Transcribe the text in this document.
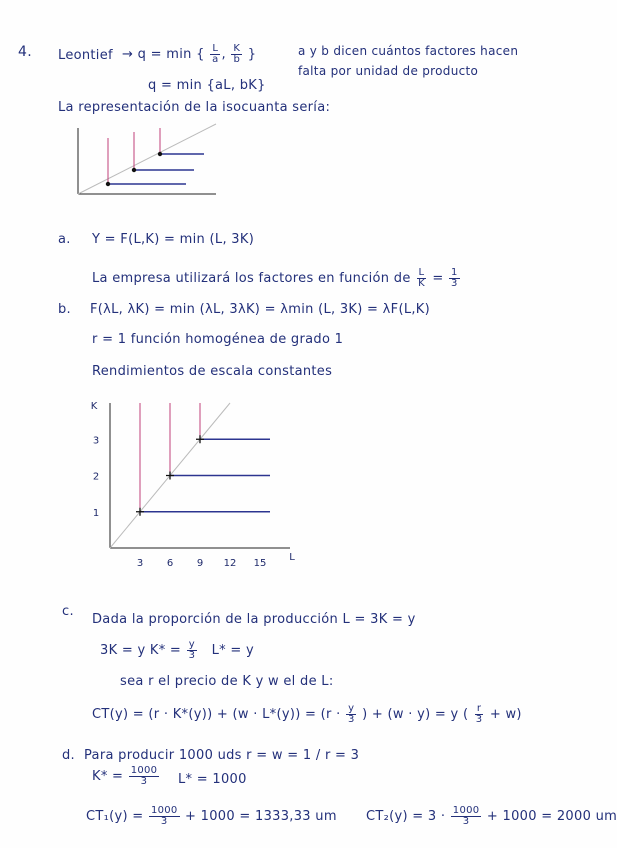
4. Leontief → q = min { $\frac{L}{a}$ , $\frac{K}{b}$ }
q = min {aL, bK}
a y b dicen cuántos factores hacen
falta por unidad de producto
La representación de la isocuanta sería:
a. Y = F(L,K) = min (L, 3K)
La empresa utilizará los factores en función de $\frac{L}{K} = \frac{1}{3}$
b. F(λL, λK) = min (λL, 3λK) = λmin (L, 3K) = λF(L,K)
r = 1 función homogénea de grado 1
Rendimientos de escala constantes
3 6 9 12 15
1
2
3
K
L
c.
Dada la proporción de la producción L = 3K = y
3K = y $K* = \frac{y}{3} L* = y$
sea r el precio de K y w el de L:
$CT(y) = (r \cdot K*(y)) + (w \cdot L*(y)) = (r \cdot \frac{y}{3}$ ) + (w · y) = y ( $\frac{r}{3} + w$)
d. Para producir 1000 uds r = w = 1 / r = 3
$K* = \frac{1000}{3} L* = 1000$
$CT_1(y) = \frac{1000}{3} + 1000 = 1333,33$ um $CT_2(y) = 3 \cdot \frac{1000}{3} + 1000 = 2000$ um
